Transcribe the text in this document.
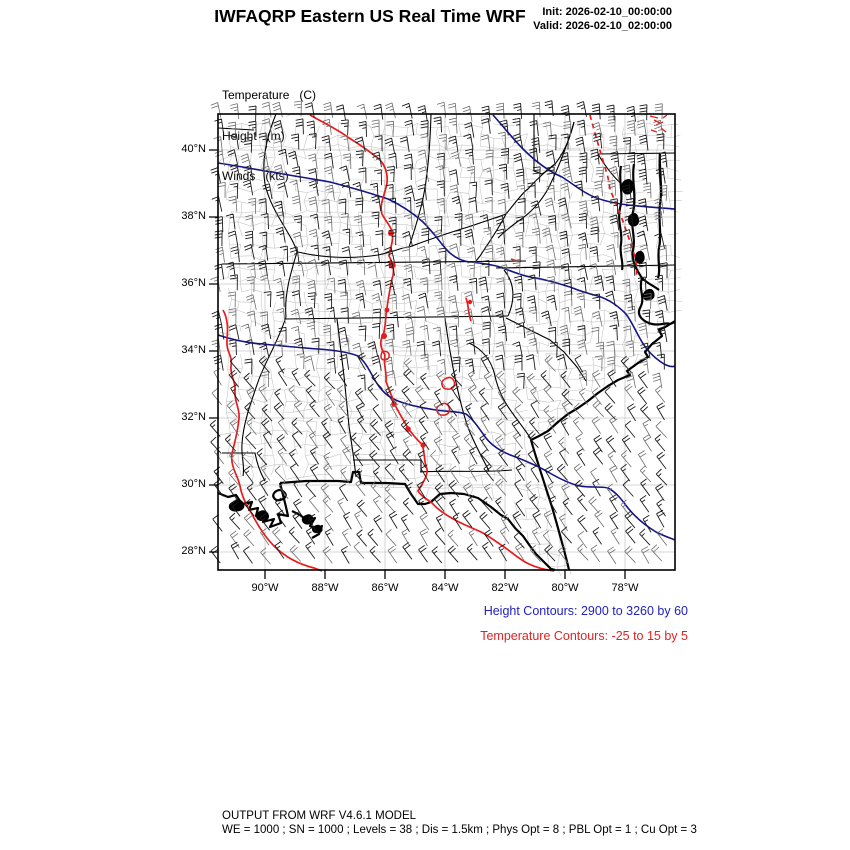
IWFAQRP Eastern US Real Time WRF	Init: 2026-02-10_00:00:00
Valid: 2026-02-10_02:00:00

Temperature   (C)

Height   (m)

Winds   (kts)

40°N
38°N
36°N
34°N
32°N
30°N
28°N
90°W	88°W	86°W	84°W	82°W	80°W	78°W
Height Contours: 2900 to 3260 by 60
Temperature Contours: -25 to 15 by 5
OUTPUT FROM WRF V4.6.1 MODEL
WE = 1000 ; SN = 1000 ; Levels = 38 ; Dis = 1.5km ; Phys Opt = 8 ; PBL Opt = 1 ; Cu Opt = 3
